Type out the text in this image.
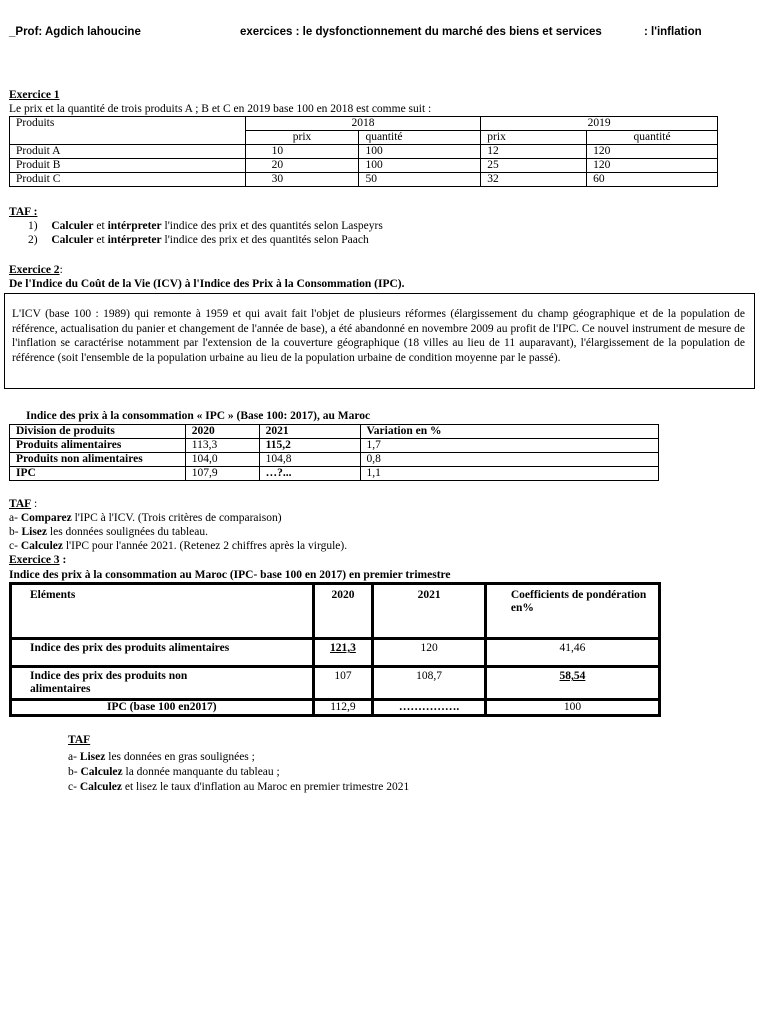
_Prof: Agdich lahoucine	exercices : le dysfonctionnement du marché des biens et services	: l'inflation
Exercice 1
Le prix et la quantité de trois produits A ; B et C en 2019 base 100 en 2018 est comme suit :
Produits	2018		2019	
	prix	quantité	prix	quantité
Produit A	10	100	12	120
Produit B	20	100	25	120
Produit C	30	50	32	60
TAF :
1) Calculer et intérpreter l'indice des prix et des quantités selon Laspeyrs
2) Calculer et intérpreter l'indice des prix et des quantités selon Paach
Exercice 2:
De l'Indice du Coût de la Vie (ICV) à l'Indice des Prix à la Consommation (IPC).

L'ICV (base 100 : 1989) qui remonte à 1959 et qui avait fait l'objet de plusieurs réformes (élargissement du champ géographique et de la population de référence, actualisation du panier et changement de l'année de base), a été abandonné en novembre 2009 au profit de l'IPC. Ce nouvel instrument de mesure de l'inflation se caractérise notamment par l'extension de la couverture géographique (18 villes au lieu de 11 auparavant), l'élargissement de la population de référence (soit l'ensemble de la population urbaine au lieu de la population urbaine de condition moyenne par le passé).

Indice des prix à la consommation « IPC » (Base 100: 2017), au Maroc
Division de produits	2020	2021	Variation en %
Produits alimentaires	113,3	115,2	1,7
Produits non alimentaires	104,0	104,8	0,8
IPC	107,9	…?...	1,1
TAF :
a- Comparez l'IPC à l'ICV. (Trois critères de comparaison)
b- Lisez les données soulignées du tableau.
c- Calculez l'IPC pour l'année 2021. (Retenez 2 chiffres après la virgule).
Exercice 3 :
Indice des prix à la consommation au Maroc (IPC- base 100 en 2017) en premier trimestre
Eléments	2020	2021	Coefficients de pondération en%
Indice des prix des produits alimentaires	121,3	120	41,46
Indice des prix des produits non alimentaires	107	108,7	58,54
IPC (base 100 en2017)	112,9	…………….	100
TAF
a- Lisez les données en gras soulignées ;
b- Calculez la donnée manquante du tableau ;
c- Calculez et lisez le taux d'inflation au Maroc en premier trimestre 2021
